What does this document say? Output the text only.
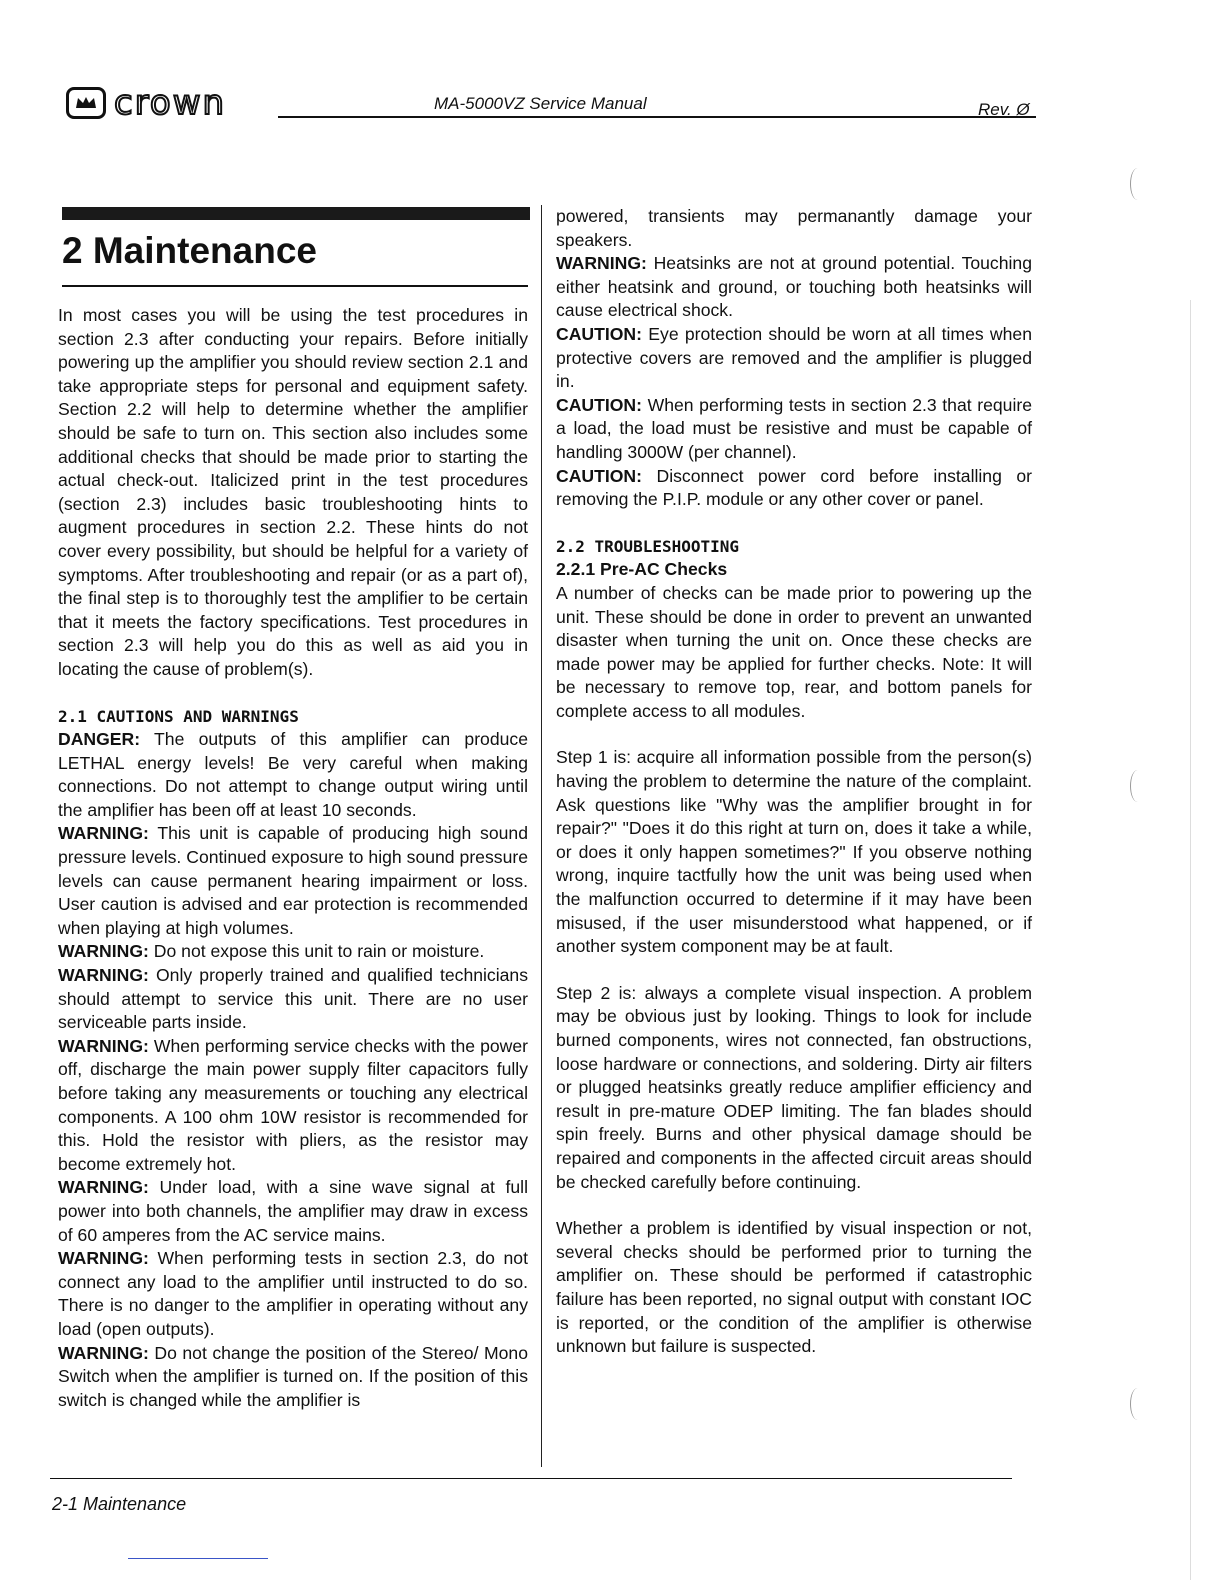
crown	MA-5000VZ Service Manual	Rev. Ø
2 Maintenance

In most cases you will be using the test procedures in section 2.3 after conducting your repairs. Before initially powering up the amplifier you should review section 2.1 and take appropriate steps for personal and equipment safety. Section 2.2 will help to determine whether the amplifier should be safe to turn on. This section also includes some additional checks that should be made prior to starting the actual check-out. Italicized print in the test procedures (section 2.3) includes basic troubleshooting hints to augment procedures in section 2.2. These hints do not cover every possibility, but should be helpful for a variety of symptoms. After troubleshooting and repair (or as a part of), the final step is to thoroughly test the amplifier to be certain that it meets the factory specifications. Test procedures in section 2.3 will help you do this as well as aid you in locating the cause of problem(s).

2.1 CAUTIONS AND WARNINGS

DANGER: The outputs of this amplifier can produce LETHAL energy levels! Be very careful when making connections. Do not attempt to change output wiring until the amplifier has been off at least 10 seconds.

WARNING: This unit is capable of producing high sound pressure levels. Continued exposure to high sound pressure levels can cause permanent hearing impairment or loss. User caution is advised and ear protection is recommended when playing at high volumes.

WARNING: Do not expose this unit to rain or moisture.

WARNING: Only properly trained and qualified technicians should attempt to service this unit. There are no user serviceable parts inside.

WARNING: When performing service checks with the power off, discharge the main power supply filter capacitors fully before taking any measurements or touching any electrical components. A 100 ohm 10W resistor is recommended for this. Hold the resistor with pliers, as the resistor may become extremely hot.

WARNING: Under load, with a sine wave signal at full power into both channels, the amplifier may draw in excess of 60 amperes from the AC service mains.

WARNING: When performing tests in section 2.3, do not connect any load to the amplifier until instructed to do so. There is no danger to the amplifier in operating without any load (open outputs).

WARNING: Do not change the position of the Stereo/ Mono Switch when the amplifier is turned on. If the position of this switch is changed while the amplifier is

powered, transients may permanantly damage your speakers.

WARNING: Heatsinks are not at ground potential. Touching either heatsink and ground, or touching both heatsinks will cause electrical shock.

CAUTION: Eye protection should be worn at all times when protective covers are removed and the amplifier is plugged in.

CAUTION: When performing tests in section 2.3 that require a load, the load must be resistive and must be capable of handling 3000W (per channel).

CAUTION: Disconnect power cord before installing or removing the P.I.P. module or any other cover or panel.

2.2 TROUBLESHOOTING

2.2.1 Pre-AC Checks

A number of checks can be made prior to powering up the unit. These should be done in order to prevent an unwanted disaster when turning the unit on. Once these checks are made power may be applied for further checks. Note: It will be necessary to remove top, rear, and bottom panels for complete access to all modules.

Step 1 is: acquire all information possible from the person(s) having the problem to determine the nature of the complaint. Ask questions like "Why was the amplifier brought in for repair?" "Does it do this right at turn on, does it take a while, or does it only happen sometimes?" If you observe nothing wrong, inquire tactfully how the unit was being used when the malfunction occurred to determine if it may have been misused, if the user misunderstood what happened, or if another system component may be at fault.

Step 2 is: always a complete visual inspection. A problem may be obvious just by looking. Things to look for include burned components, wires not connected, fan obstructions, loose hardware or connections, and soldering. Dirty air filters or plugged heatsinks greatly reduce amplifier efficiency and result in pre-mature ODEP limiting. The fan blades should spin freely. Burns and other physical damage should be repaired and components in the affected circuit areas should be checked carefully before continuing.

Whether a problem is identified by visual inspection or not, several checks should be performed prior to turning the amplifier on. These should be performed if catastrophic failure has been reported, no signal output with constant IOC is reported, or the condition of the amplifier is otherwise unknown but failure is suspected.

2-1 Maintenance
